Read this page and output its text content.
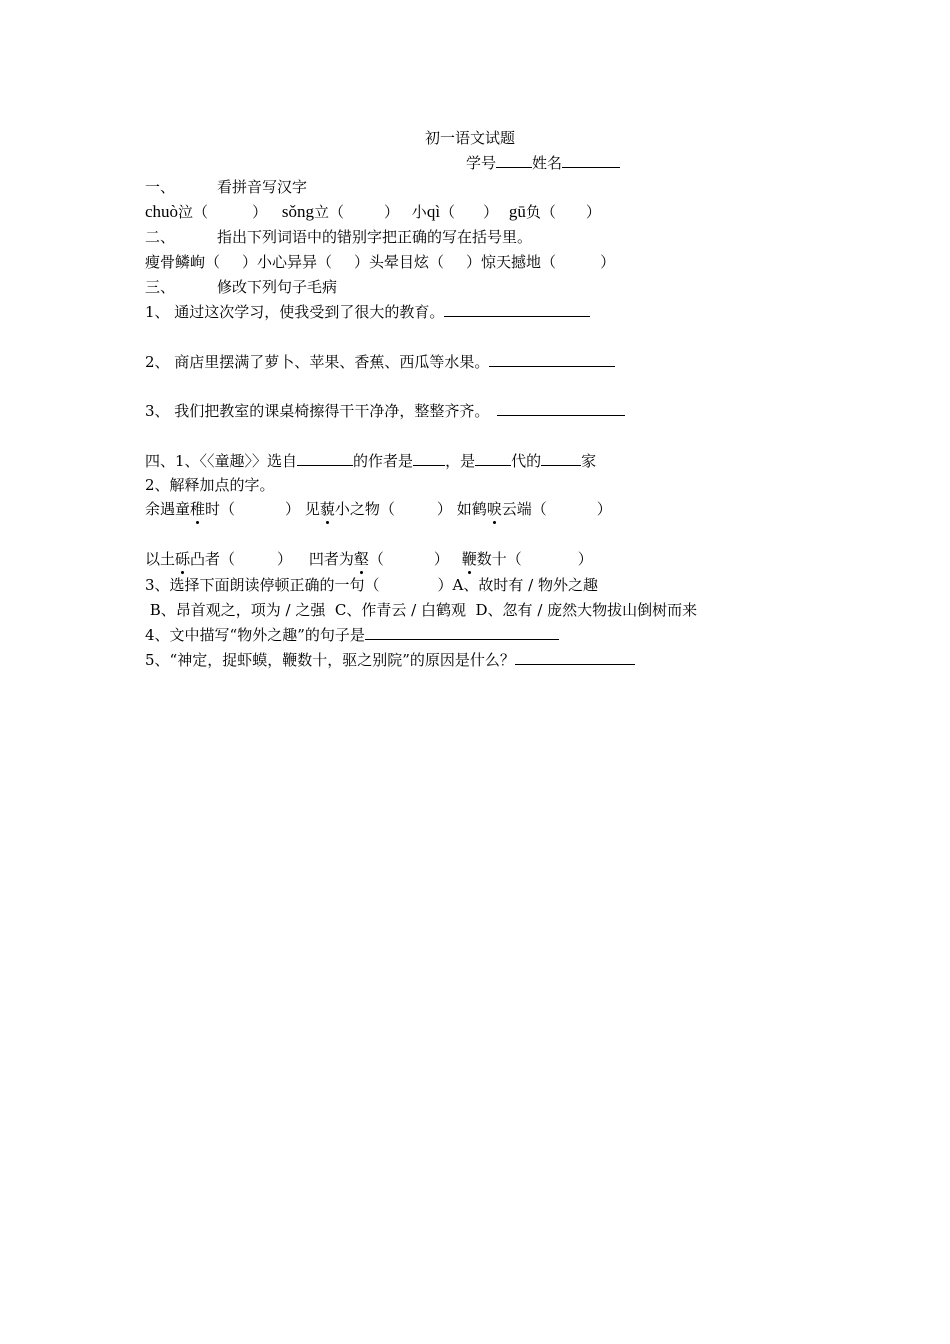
初一语文试题
学号 姓名
一、	看拼音写汉字
chuò泣（	） sǒng立（	） 小qì（ ） gū负（ ）
二、	指出下列词语中的错别字把正确的写在括号里。
瘦骨鳞峋（ ）小心异异（ ）头晕目炫（ ）惊天撼地（	）
三、	修改下列句子毛病
1、 通过这次学习，使我受到了很大的教育。
2、 商店里摆满了萝卜、苹果、香蕉、西瓜等水果。
3、 我们把教室的课桌椅擦得干干净净，整整齐齐。
四、1、〈〈童趣〉〉选自	的作者是 ，是 代的	家
2、解释加点的字。
余遇童稚时（	） 见藐小之物（	） 如鹤唳云端（	）
以土砾凸者（	） 凹者为壑（	） 鞭数十（	）
3、选择下面朗读停顿正确的一句（	）A、故时有 / 物外之趣
B、昂首观之，项为 / 之强  C、作青云 / 白鹤观  D、忽有 / 庞然大物拔山倒树而来
4、文中描写“物外之趣”的句子是
5、“神定，捉虾蟆，鞭数十，驱之别院”的原因是什么？
